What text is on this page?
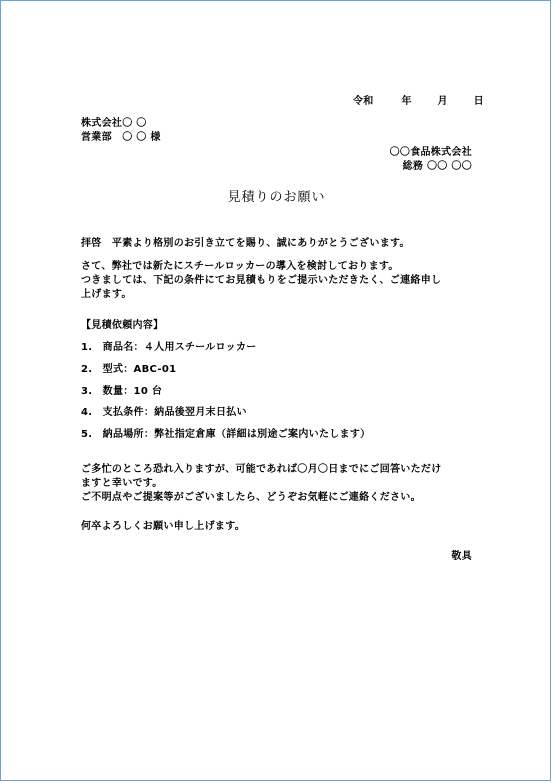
令和	年	月	日
株式会社〇 〇
営業部　〇 〇 様
〇〇食品株式会社
総務 〇〇 〇〇
見積りのお願い
拝啓　平素より格別のお引き立てを賜り、誠にありがとうございます。
さて、弊社では新たにスチールロッカーの導入を検討しております。
つきましては、下記の条件にてお見積もりをご提示いただきたく、ご連絡申し
上げます。
【見積依頼内容】
1.　商品名：４人用スチールロッカー
2.　型式：ABC-01
3.　数量：10 台
4.　支払条件：納品後翌月末日払い
5.　納品場所：弊社指定倉庫（詳細は別途ご案内いたします）
ご多忙のところ恐れ入りますが、可能であれば〇月〇日までにご回答いただけ
ますと幸いです。
ご不明点やご提案等がございましたら、どうぞお気軽にご連絡ください。
何卒よろしくお願い申し上げます。
敬具
